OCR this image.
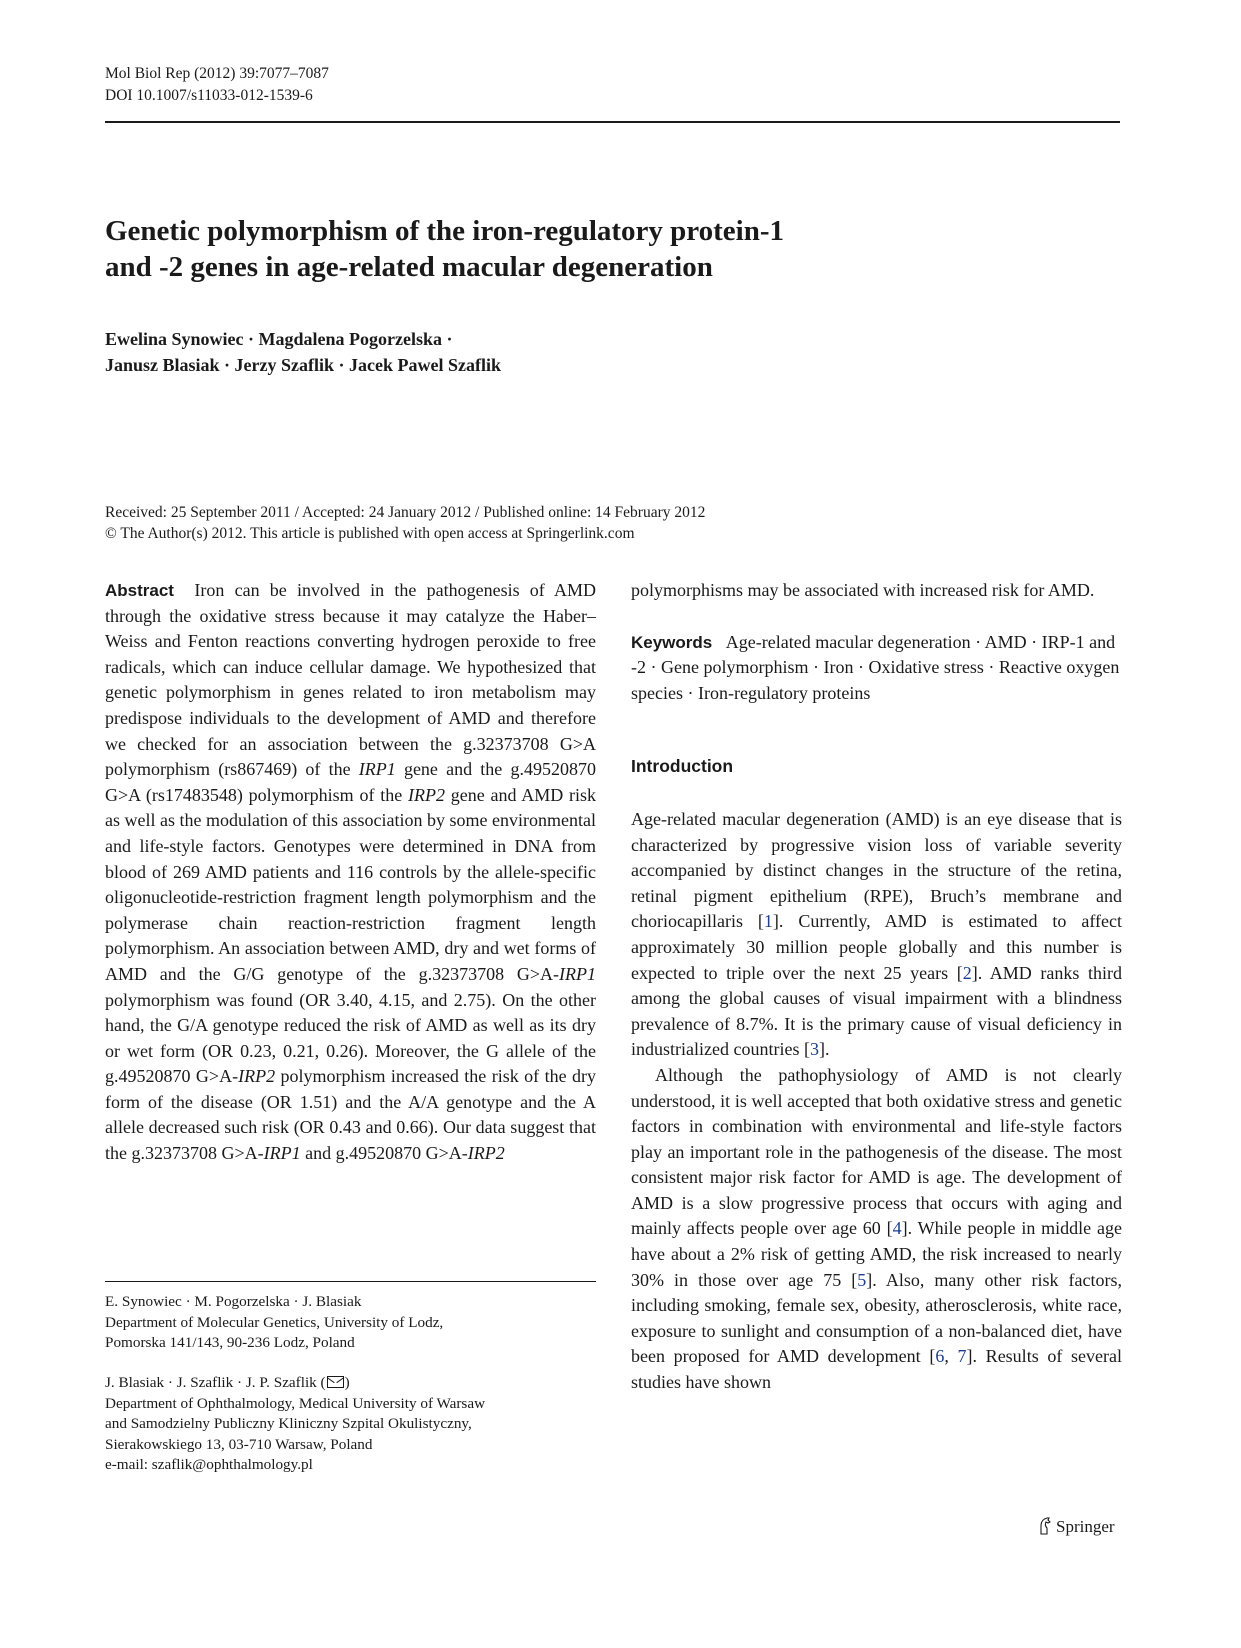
Mol Biol Rep (2012) 39:7077–7087
DOI 10.1007/s11033-012-1539-6
Genetic polymorphism of the iron-regulatory protein-1
and -2 genes in age-related macular degeneration
Ewelina Synowiec · Magdalena Pogorzelska ·
Janusz Blasiak · Jerzy Szaflik · Jacek Pawel Szaflik
Received: 25 September 2011 / Accepted: 24 January 2012 / Published online: 14 February 2012
© The Author(s) 2012. This article is published with open access at Springerlink.com
Abstract Iron can be involved in the pathogenesis of AMD through the oxidative stress because it may catalyze the Haber–Weiss and Fenton reactions converting hydrogen peroxide to free radicals, which can induce cellular damage. We hypothesized that genetic polymorphism in genes related to iron metabolism may predispose individuals to the development of AMD and therefore we checked for an association between the g.32373708 G>A polymorphism (rs867469) of the IRP1 gene and the g.49520870 G>A (rs17483548) polymorphism of the IRP2 gene and AMD risk as well as the modulation of this association by some environmental and life-style factors. Genotypes were determined in DNA from blood of 269 AMD patients and 116 controls by the allele-specific oligonucleotide-restriction fragment length polymorphism and the polymerase chain reaction-restriction fragment length polymorphism. An association between AMD, dry and wet forms of AMD and the G/G genotype of the g.32373708 G>A-IRP1 polymorphism was found (OR 3.40, 4.15, and 2.75). On the other hand, the G/A genotype reduced the risk of AMD as well as its dry or wet form (OR 0.23, 0.21, 0.26). Moreover, the G allele of the g.49520870 G>A-IRP2 polymorphism increased the risk of the dry form of the disease (OR 1.51) and the A/A genotype and the A allele decreased such risk (OR 0.43 and 0.66). Our data suggest that the g.32373708 G>A-IRP1 and g.49520870 G>A-IRP2
E. Synowiec · M. Pogorzelska · J. Blasiak
Department of Molecular Genetics, University of Lodz,
Pomorska 141/143, 90-236 Lodz, Poland
J. Blasiak · J. Szaflik · J. P. Szaflik ( )
Department of Ophthalmology, Medical University of Warsaw
and Samodzielny Publiczny Kliniczny Szpital Okulistyczny,
Sierakowskiego 13, 03-710 Warsaw, Poland
e-mail: szaflik@ophthalmology.pl
polymorphisms may be associated with increased risk for AMD.
Keywords Age-related macular degeneration · AMD · IRP-1 and -2 · Gene polymorphism · Iron · Oxidative stress · Reactive oxygen species · Iron-regulatory proteins
Introduction

Age-related macular degeneration (AMD) is an eye disease that is characterized by progressive vision loss of variable severity accompanied by distinct changes in the structure of the retina, retinal pigment epithelium (RPE), Bruch’s membrane and choriocapillaris [1]. Currently, AMD is estimated to affect approximately 30 million people globally and this number is expected to triple over the next 25 years [2]. AMD ranks third among the global causes of visual impairment with a blindness prevalence of 8.7%. It is the primary cause of visual deficiency in industrialized countries [3].

Although the pathophysiology of AMD is not clearly understood, it is well accepted that both oxidative stress and genetic factors in combination with environmental and life-style factors play an important role in the pathogenesis of the disease. The most consistent major risk factor for AMD is age. The development of AMD is a slow progressive process that occurs with aging and mainly affects people over age 60 [4]. While people in middle age have about a 2% risk of getting AMD, the risk increased to nearly 30% in those over age 75 [5]. Also, many other risk factors, including smoking, female sex, obesity, atherosclerosis, white race, exposure to sunlight and consumption of a non-balanced diet, have been proposed for AMD development [6, 7]. Results of several studies have shown

Springer
